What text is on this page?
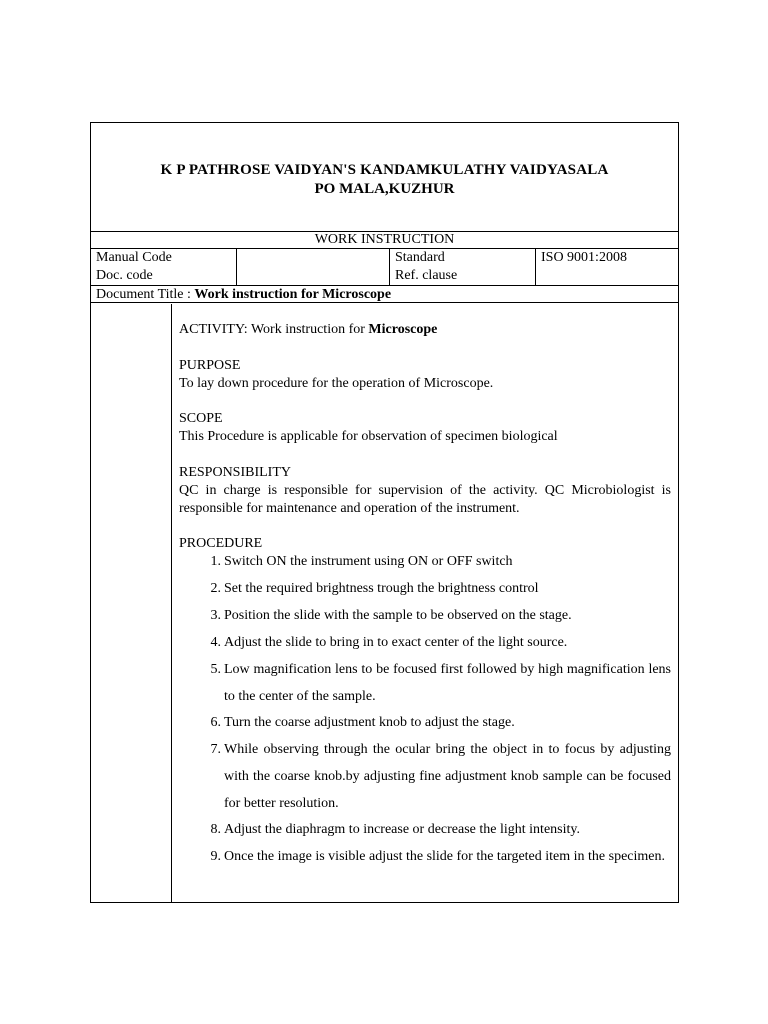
K P PATHROSE VAIDYAN'S KANDAMKULATHY VAIDYASALA
PO MALA,KUZHUR
WORK INSTRUCTION
Manual Code
Doc. code
Standard
Ref. clause
ISO 9001:2008
Document Title : Work instruction for Microscope
ACTIVITY: Work instruction for Microscope
PURPOSE
To lay down procedure for the operation of Microscope.
SCOPE
This Procedure is applicable for observation of specimen biological
RESPONSIBILITY
QC in charge is responsible for supervision of the activity. QC Microbiologist is responsible for maintenance and operation of the instrument.
PROCEDURE
1. Switch ON the instrument using ON or OFF switch
2. Set the required brightness trough the brightness control
3. Position the slide with the sample to be observed on the stage.
4. Adjust the slide to bring in to exact center of the light source.
5. Low magnification lens to be focused first followed by high magnification lens to the center of the sample.
6. Turn the coarse adjustment knob to adjust the stage.
7. While observing through the ocular bring the object in to focus by adjusting with the coarse knob.by adjusting fine adjustment knob sample can be focused for better resolution.
8. Adjust the diaphragm to increase or decrease the light intensity.
9. Once the image is visible adjust the slide for the targeted item in the specimen.
